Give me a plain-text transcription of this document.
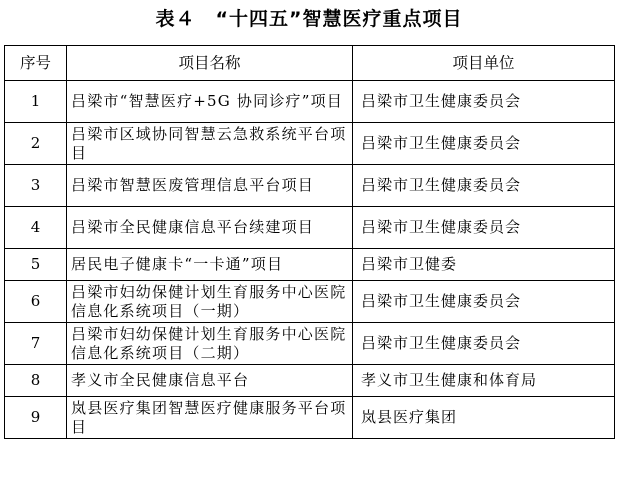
表４　“十四五”智慧医疗重点项目
序号	项目名称	项目单位
1	吕梁市“智慧医疗+5G 协同诊疗”项目	吕梁市卫生健康委员会
2	吕梁市区域协同智慧云急救系统平台项目	吕梁市卫生健康委员会
3	吕梁市智慧医废管理信息平台项目	吕梁市卫生健康委员会
4	吕梁市全民健康信息平台续建项目	吕梁市卫生健康委员会
5	居民电子健康卡“一卡通”项目	吕梁市卫健委
6	吕梁市妇幼保健计划生育服务中心医院信息化系统项目（一期）	吕梁市卫生健康委员会
7	吕梁市妇幼保健计划生育服务中心医院信息化系统项目（二期）	吕梁市卫生健康委员会
8	孝义市全民健康信息平台	孝义市卫生健康和体育局
9	岚县医疗集团智慧医疗健康服务平台项目	岚县医疗集团
